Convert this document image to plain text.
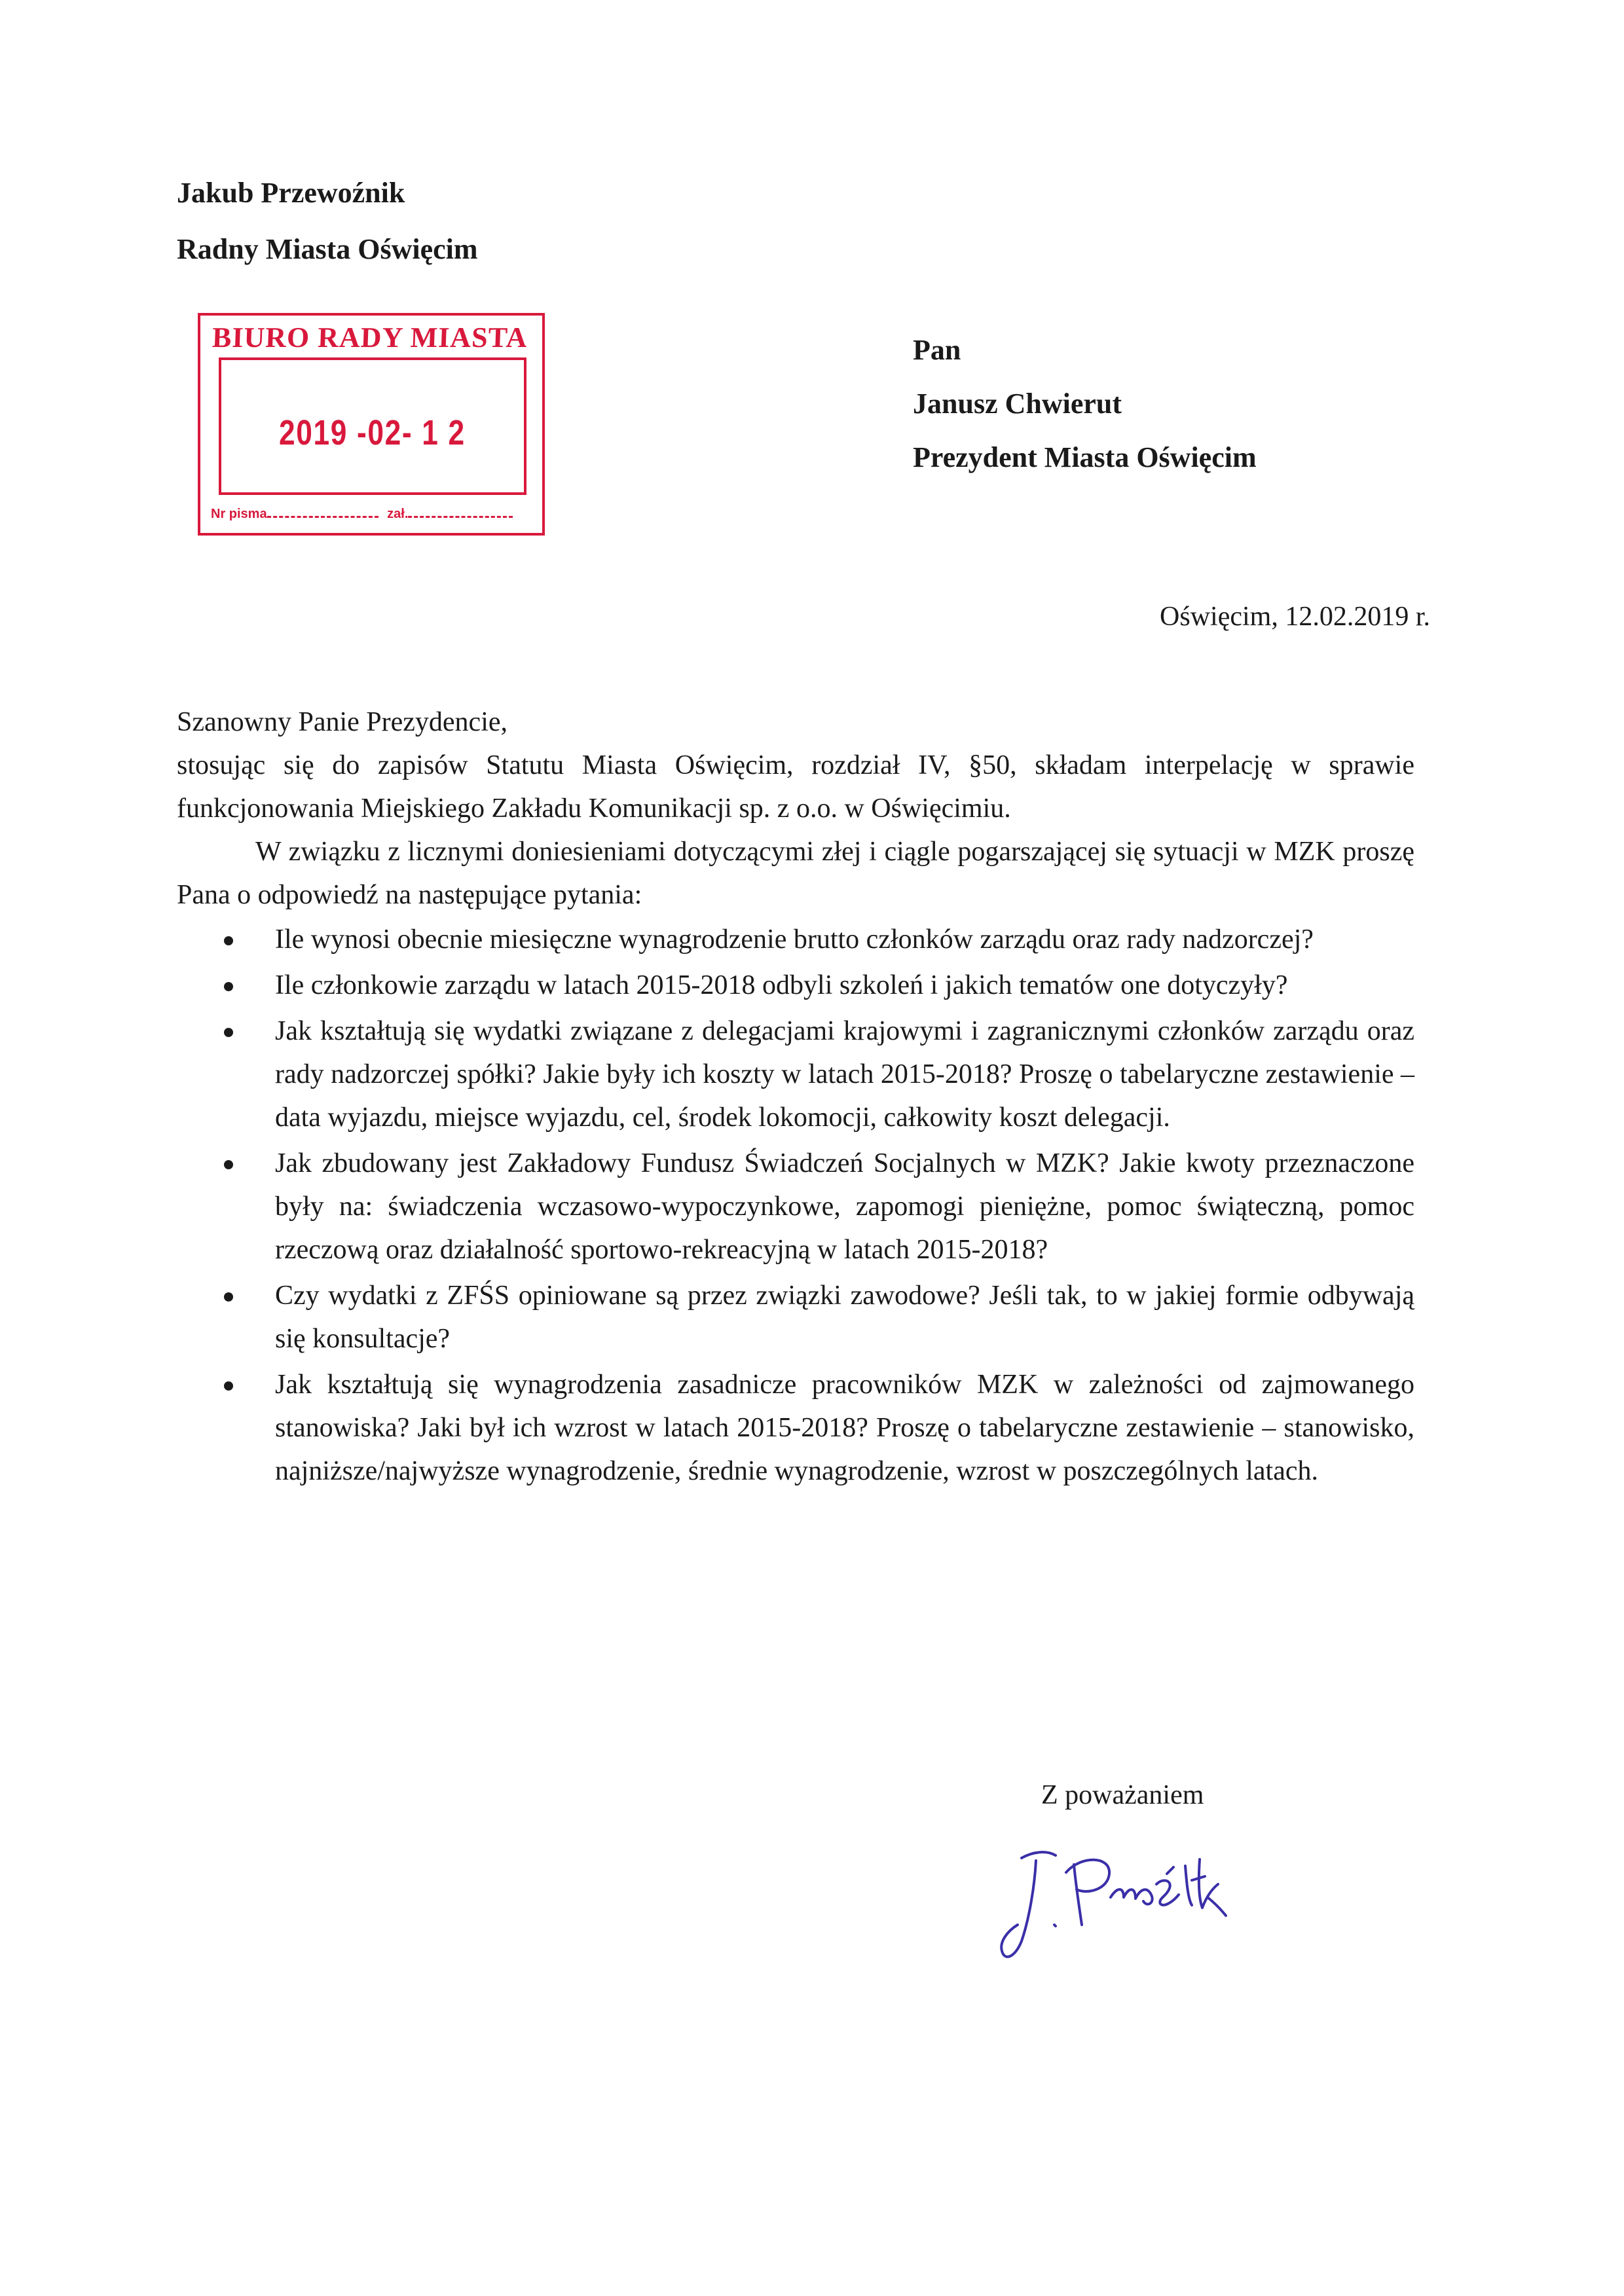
Jakub Przewoźnik
Radny Miasta Oświęcim
BIURO RADY MIASTA
2019 -02- 1 2
Nr pisma	zał.
Pan
Janusz Chwierut
Prezydent Miasta Oświęcim
Oświęcim, 12.02.2019 r.

Szanowny Panie Prezydencie,

stosując się do zapisów Statutu Miasta Oświęcim, rozdział IV, §50, składam interpelację w sprawie funkcjonowania Miejskiego Zakładu Komunikacji sp. z o.o. w Oświęcimiu.

W związku z licznymi doniesieniami dotyczącymi złej i ciągle pogarszającej się sytuacji w MZK proszę Pana o odpowiedź na następujące pytania:

Ile wynosi obecnie miesięczne wynagrodzenie brutto członków zarządu oraz rady nadzorczej?
Ile członkowie zarządu w latach 2015-2018 odbyli szkoleń i jakich tematów one dotyczyły?
Jak kształtują się wydatki związane z delegacjami krajowymi i zagranicznymi członków zarządu oraz rady nadzorczej spółki? Jakie były ich koszty w latach 2015-2018? Proszę o tabelaryczne zestawienie – data wyjazdu, miejsce wyjazdu, cel, środek lokomocji, całkowity koszt delegacji.
Jak zbudowany jest Zakładowy Fundusz Świadczeń Socjalnych w MZK? Jakie kwoty przeznaczone były na: świadczenia wczasowo-wypoczynkowe, zapomogi pieniężne, pomoc świąteczną, pomoc rzeczową oraz działalność sportowo-rekreacyjną w latach 2015-2018?
Czy wydatki z ZFŚS opiniowane są przez związki zawodowe? Jeśli tak, to w jakiej formie odbywają się konsultacje?
Jak kształtują się wynagrodzenia zasadnicze pracowników MZK w zależności od zajmowanego stanowiska? Jaki był ich wzrost w latach 2015-2018? Proszę o tabelaryczne zestawienie – stanowisko, najniższe/najwyższe wynagrodzenie, średnie wynagrodzenie, wzrost w poszczególnych latach.
Z poważaniem
